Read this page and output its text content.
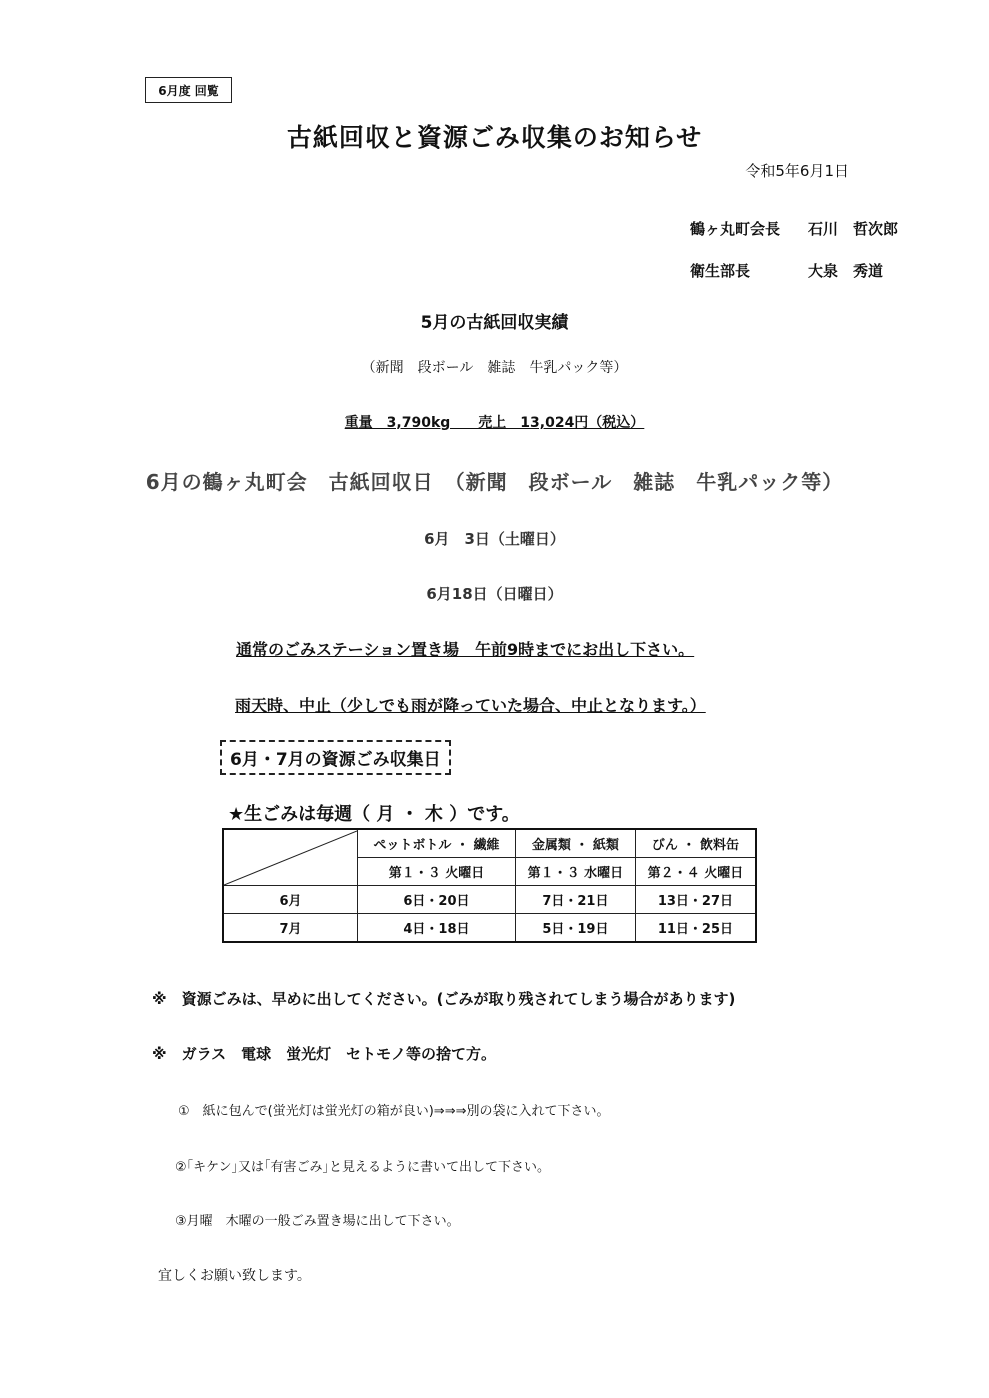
6月度 回覧
古紙回収と資源ごみ収集のお知らせ
令和5年6月1日
鶴ヶ丸町会長 石川　哲次郎
衛生部長	大泉　秀道
5月の古紙回収実績
（新聞　段ボール　雑誌　牛乳パック等）
重量　3,790kg　　売上　13,024円（税込）
6月の鶴ヶ丸町会　古紙回収日　（新聞　段ボール　雑誌　牛乳パック等）
6月　3日（土曜日）
6月18日（日曜日）
通常のごみステーション置き場　午前9時までにお出し下さい。
雨天時、中止（少しでも雨が降っていた場合、中止となります。）
6月・7月の資源ごみ収集日
★生ごみは毎週（ 月 ・ 木 ）です。
	ペットボトル ・ 繊維	金属類 ・ 紙類	びん ・ 飲料缶
	第１・３ 火曜日	第１・３ 水曜日	第２・４ 火曜日
6月	6日・20日	7日・21日	13日・27日
7月	4日・18日	5日・19日	11日・25日
※　資源ごみは、早めに出してください。(ごみが取り残されてしまう場合があります)
※　ガラス　電球　蛍光灯　セトモノ等の捨て方。
①　紙に包んで(蛍光灯は蛍光灯の箱が良い)⇒⇒⇒別の袋に入れて下さい。
②｢キケン｣又は｢有害ごみ｣と見えるように書いて出して下さい。
③月曜　木曜の一般ごみ置き場に出して下さい。
宜しくお願い致します。
